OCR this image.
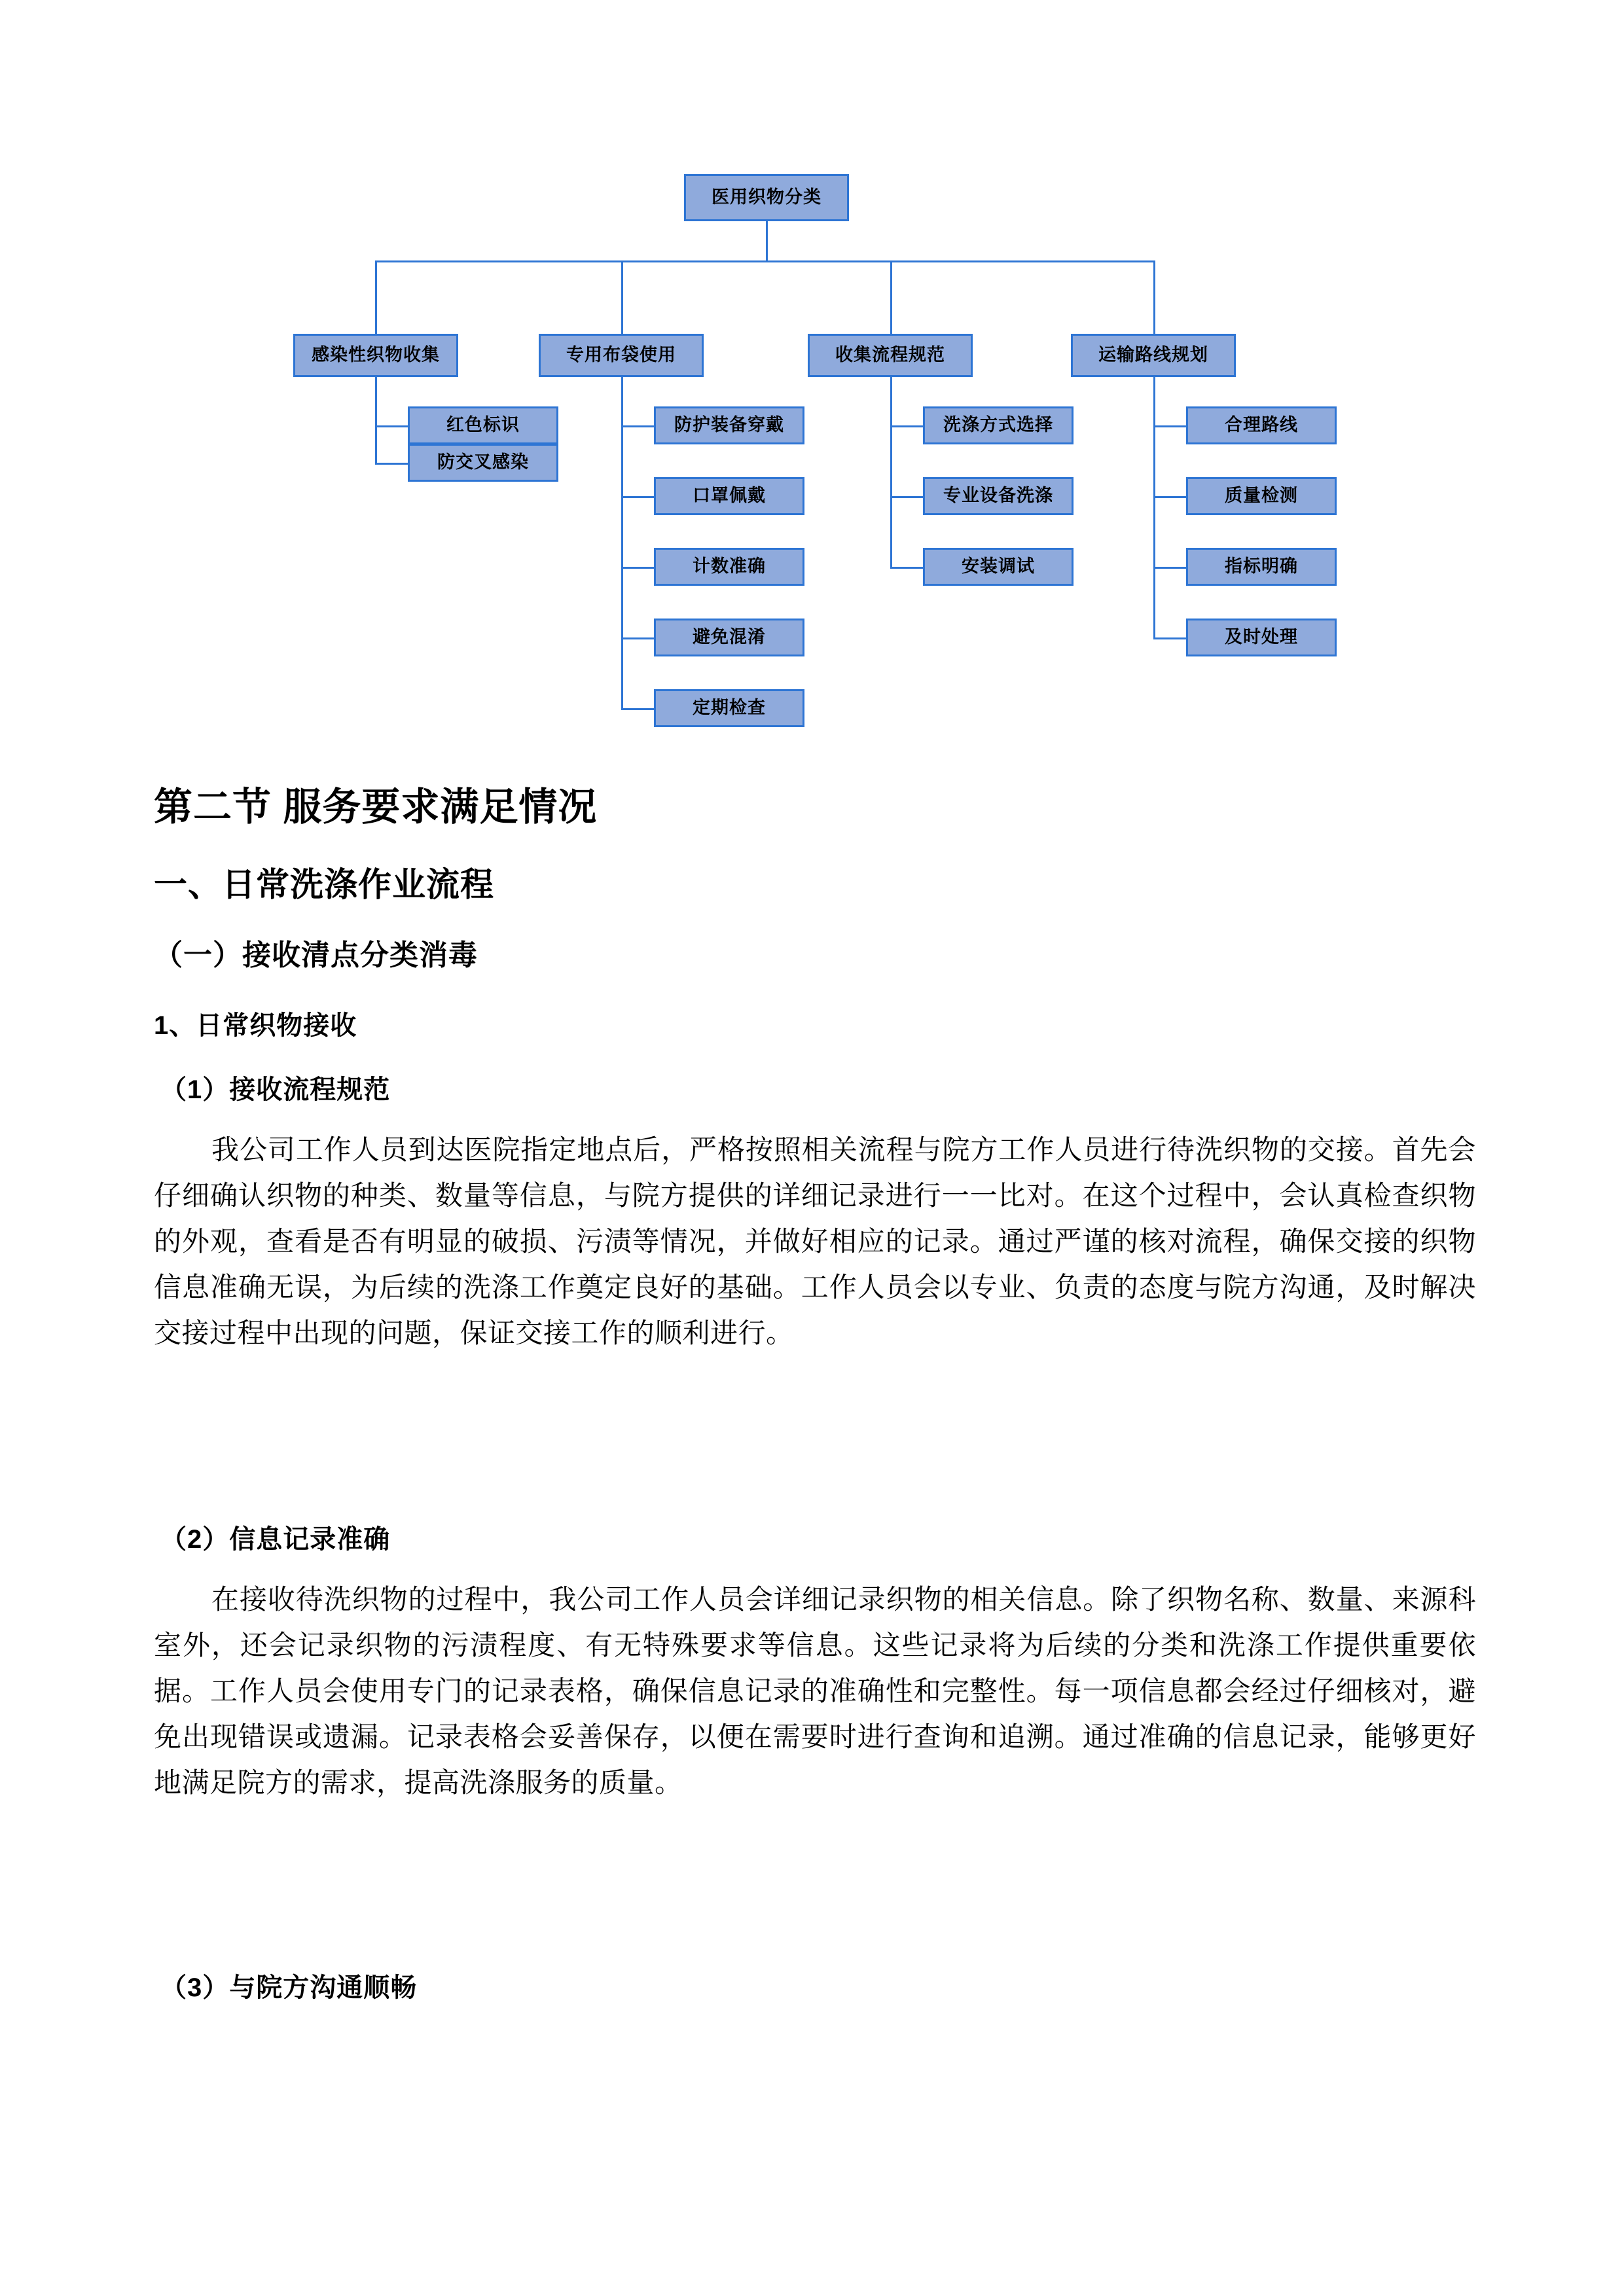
医用织物分类
感染性织物收集	专用布袋使用	收集流程规范	运输路线规划
红色标识
防交叉感染
防护装备穿戴
口罩佩戴
计数准确
避免混淆
定期检查
洗涤方式选择
专业设备洗涤
安装调试
合理路线
质量检测
指标明确
及时处理
第二节 服务要求满足情况
一、日常洗涤作业流程
（一）接收清点分类消毒
1、日常织物接收
（1）接收流程规范
我公司工作人员到达医院指定地点后，严格按照相关流程与院方工作人员进行待洗织物的交接。首先会仔细确认织物的种类、数量等信息，与院方提供的详细记录进行一一比对。在这个过程中，会认真检查织物的外观，查看是否有明显的破损、污渍等情况，并做好相应的记录。通过严谨的核对流程，确保交接的织物信息准确无误，为后续的洗涤工作奠定良好的基础。工作人员会以专业、负责的态度与院方沟通，及时解决交接过程中出现的问题，保证交接工作的顺利进行。
（2）信息记录准确
在接收待洗织物的过程中，我公司工作人员会详细记录织物的相关信息。除了织物名称、数量、来源科室外，还会记录织物的污渍程度、有无特殊要求等信息。这些记录将为后续的分类和洗涤工作提供重要依据。工作人员会使用专门的记录表格，确保信息记录的准确性和完整性。每一项信息都会经过仔细核对，避免出现错误或遗漏。记录表格会妥善保存，以便在需要时进行查询和追溯。通过准确的信息记录，能够更好地满足院方的需求，提高洗涤服务的质量。
（3）与院方沟通顺畅
